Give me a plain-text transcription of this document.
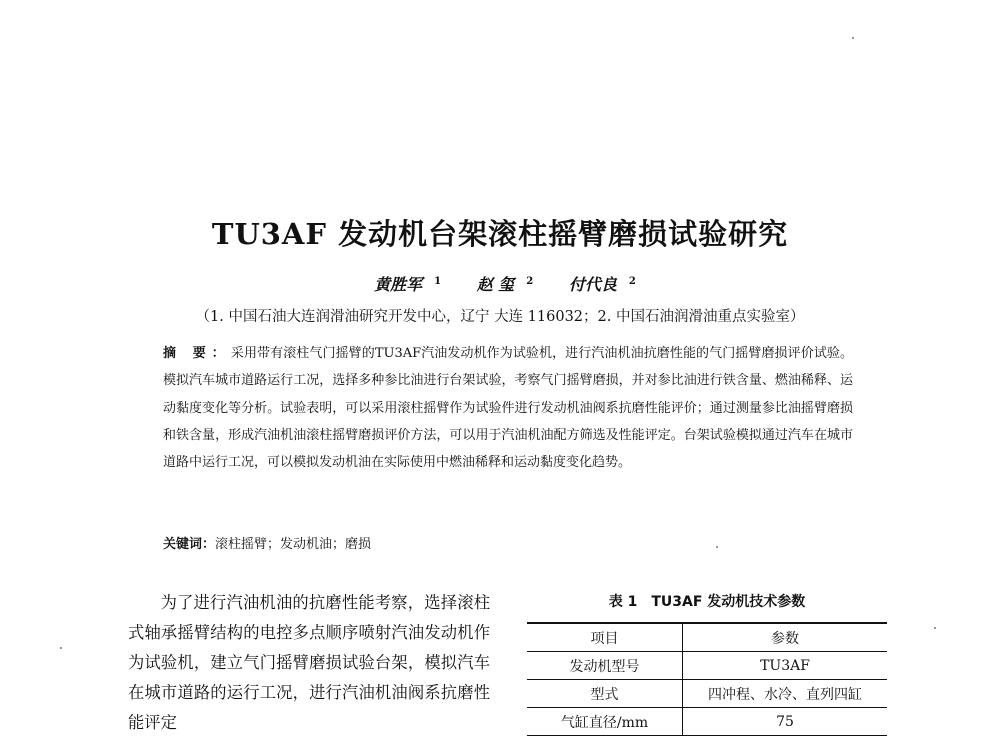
TU3AF 发动机台架滚柱摇臂磨损试验研究
黄胜军 $^1$ 赵 玺 $^2$ 付代良 $^2$
（1. 中国石油大连润滑油研究开发中心，辽宁 大连 116032；2. 中国石油润滑油重点实验室）

摘 要：采用带有滚柱气门摇臂的TU3AF汽油发动机作为试验机，进行汽油机油抗磨性能的气门摇臂磨损评价试验。模拟汽车城市道路运行工况，选择多种参比油进行台架试验，考察气门摇臂磨损，并对参比油进行铁含量、燃油稀释、运动黏度变化等分析。试验表明，可以采用滚柱摇臂作为试验件进行发动机油阀系抗磨性能评价；通过测量参比油摇臂磨损和铁含量，形成汽油机油滚柱摇臂磨损评价方法，可以用于汽油机油配方筛选及性能评定。台架试验模拟通过汽车在城市道路中运行工况，可以模拟发动机油在实际使用中燃油稀释和运动黏度变化趋势。

关键词：滚柱摇臂；发动机油；磨损

为了进行汽油机油的抗磨性能考察，选择滚柱式轴承摇臂结构的电控多点顺序喷射汽油发动机作为试验机，建立气门摇臂磨损试验台架，模拟汽车在城市道路的运行工况，进行汽油机油阀系抗磨性能评定

表 1　TU3AF 发动机技术参数
项目	参数
发动机型号	TU3AF
型式	四冲程、水冷、直列四缸
气缸直径/mm	75
